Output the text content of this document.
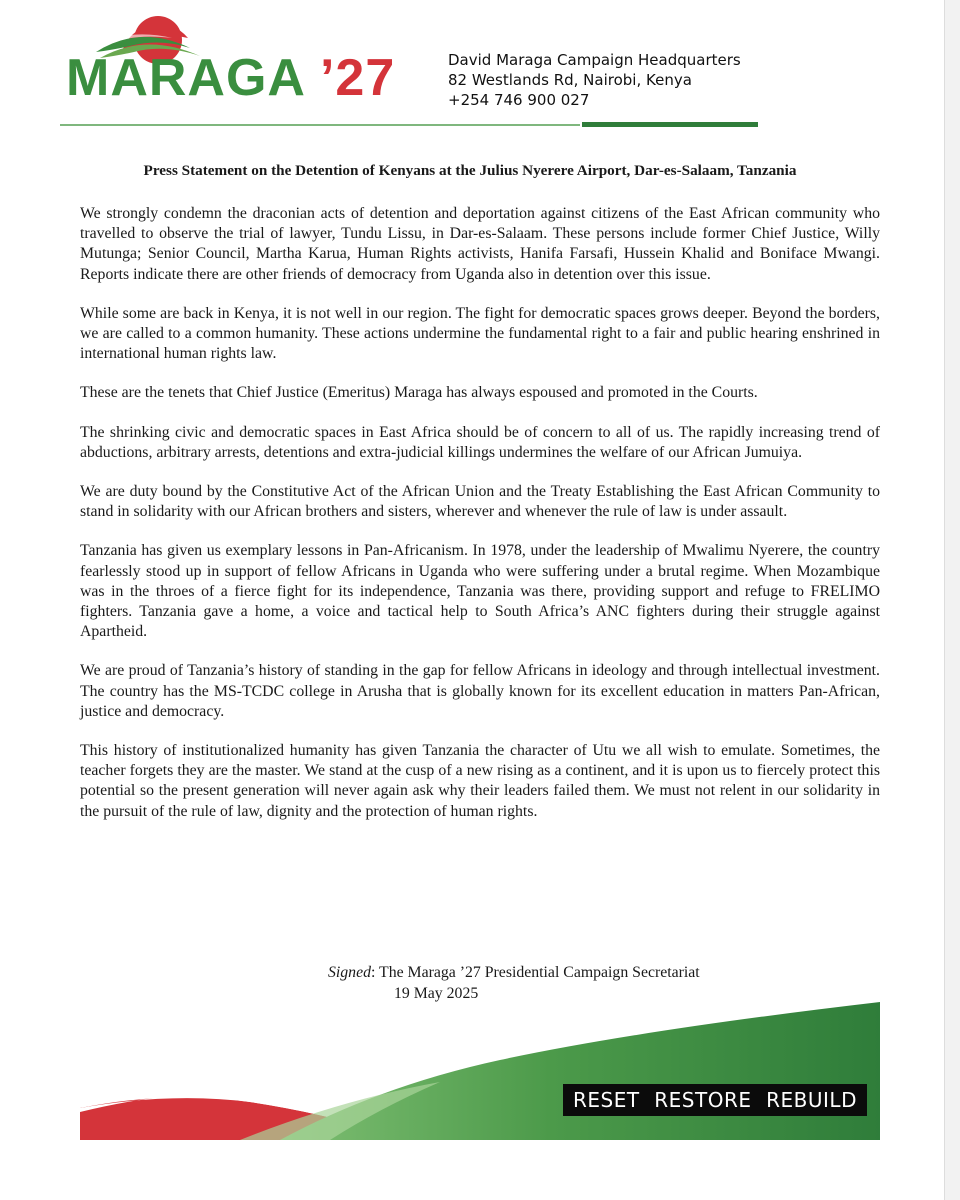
MARAGA ’27	David Maraga Campaign Headquarters
82 Westlands Rd, Nairobi, Kenya
+254 746 900 027
Press Statement on the Detention of Kenyans at the Julius Nyerere Airport, Dar-es-Salaam, Tanzania

We strongly condemn the draconian acts of detention and deportation against citizens of the East African community who travelled to observe the trial of lawyer, Tundu Lissu, in Dar-es-Salaam. These persons include former Chief Justice, Willy Mutunga; Senior Council, Martha Karua, Human Rights activists, Hanifa Farsafi, Hussein Khalid and Boniface Mwangi. Reports indicate there are other friends of democracy from Uganda also in detention over this issue.

While some are back in Kenya, it is not well in our region. The fight for democratic spaces grows deeper. Beyond the borders, we are called to a common humanity. These actions undermine the fundamental right to a fair and public hearing enshrined in international human rights law.

These are the tenets that Chief Justice (Emeritus) Maraga has always espoused and promoted in the Courts.

The shrinking civic and democratic spaces in East Africa should be of concern to all of us. The rapidly increasing trend of abductions, arbitrary arrests, detentions and extra-judicial killings undermines the welfare of our African Jumuiya.

We are duty bound by the Constitutive Act of the African Union and the Treaty Establishing the East African Community to stand in solidarity with our African brothers and sisters, wherever and whenever the rule of law is under assault.

Tanzania has given us exemplary lessons in Pan-Africanism. In 1978, under the leadership of Mwalimu Nyerere, the country fearlessly stood up in support of fellow Africans in Uganda who were suffering under a brutal regime. When Mozambique was in the throes of a fierce fight for its independence, Tanzania was there, providing support and refuge to FRELIMO fighters. Tanzania gave a home, a voice and tactical help to South Africa’s ANC fighters during their struggle against Apartheid.

We are proud of Tanzania’s history of standing in the gap for fellow Africans in ideology and through intellectual investment. The country has the MS-TCDC college in Arusha that is globally known for its excellent education in matters Pan-African, justice and democracy.

This history of institutionalized humanity has given Tanzania the character of Utu we all wish to emulate. Sometimes, the teacher forgets they are the master. We stand at the cusp of a new rising as a continent, and it is upon us to fiercely protect this potential so the present generation will never again ask why their leaders failed them. We must not relent in our solidarity in the pursuit of the rule of law, dignity and the protection of human rights.

Signed: The Maraga ’27 Presidential Campaign Secretariat
19 May 2025
RESET RESTORE REBUILD
